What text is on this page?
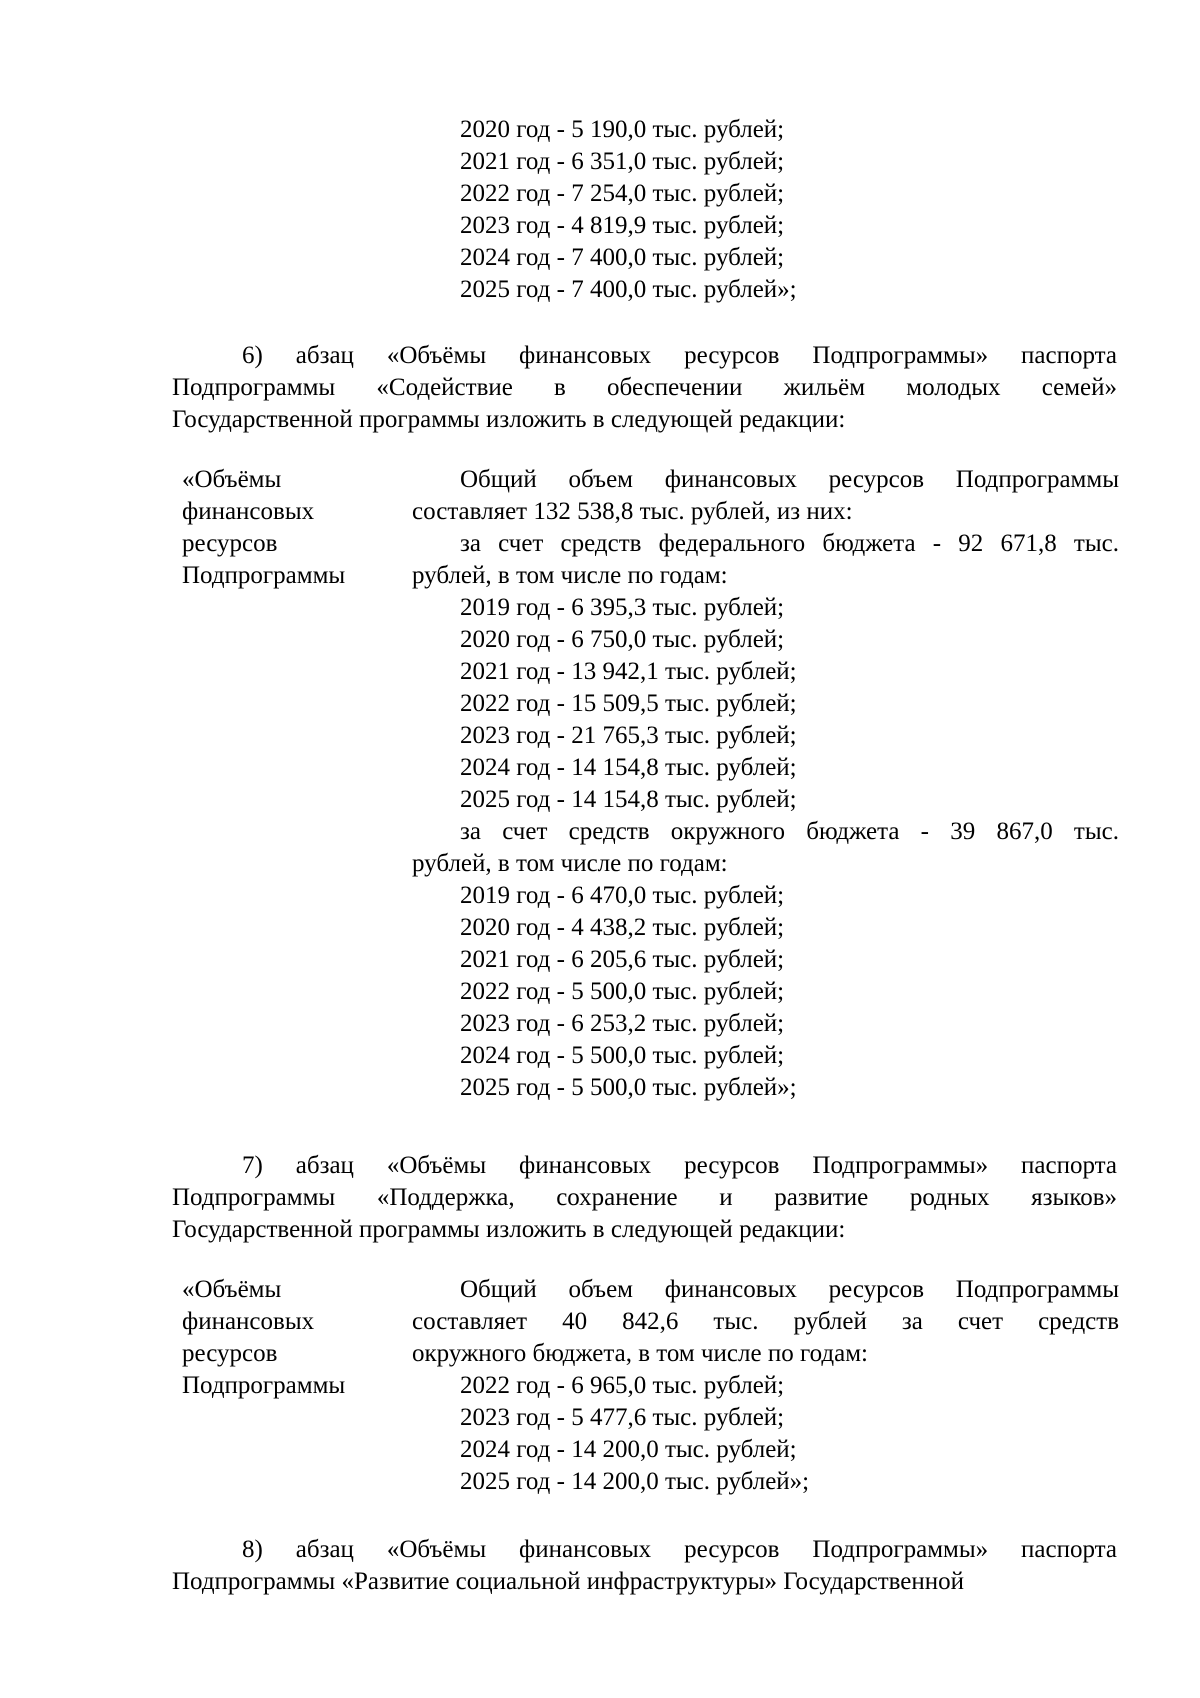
2020 год - 5 190,0 тыс. рублей;
2021 год - 6 351,0 тыс. рублей;
2022 год - 7 254,0 тыс. рублей;
2023 год - 4 819,9 тыс. рублей;
2024 год - 7 400,0 тыс. рублей;
2025 год - 7 400,0 тыс. рублей»;
6) абзац «Объёмы финансовых ресурсов Подпрограммы» паспорта
Подпрограммы «Содействие в обеспечении жильём молодых семей»
Государственной программы изложить в следующей редакции:
«Объёмы
финансовых
ресурсов
Подпрограммы
Общий объем финансовых ресурсов Подпрограммы
составляет 132 538,8 тыс. рублей, из них:
за счет средств федерального бюджета - 92 671,8 тыс.
рублей, в том числе по годам:
2019 год - 6 395,3 тыс. рублей;
2020 год - 6 750,0 тыс. рублей;
2021 год - 13 942,1 тыс. рублей;
2022 год - 15 509,5 тыс. рублей;
2023 год - 21 765,3 тыс. рублей;
2024 год - 14 154,8 тыс. рублей;
2025 год - 14 154,8 тыс. рублей;
за счет средств окружного бюджета - 39 867,0 тыс.
рублей, в том числе по годам:
2019 год - 6 470,0 тыс. рублей;
2020 год - 4 438,2 тыс. рублей;
2021 год - 6 205,6 тыс. рублей;
2022 год - 5 500,0 тыс. рублей;
2023 год - 6 253,2 тыс. рублей;
2024 год - 5 500,0 тыс. рублей;
2025 год - 5 500,0 тыс. рублей»;
7) абзац «Объёмы финансовых ресурсов Подпрограммы» паспорта
Подпрограммы «Поддержка, сохранение и развитие родных языков»
Государственной программы изложить в следующей редакции:
«Объёмы
финансовых
ресурсов
Подпрограммы
Общий объем финансовых ресурсов Подпрограммы
составляет 40 842,6 тыс. рублей за счет средств
окружного бюджета, в том числе по годам:
2022 год - 6 965,0 тыс. рублей;
2023 год - 5 477,6 тыс. рублей;
2024 год - 14 200,0 тыс. рублей;
2025 год - 14 200,0 тыс. рублей»;
8) абзац «Объёмы финансовых ресурсов Подпрограммы» паспорта
Подпрограммы «Развитие социальной инфраструктуры» Государственной
